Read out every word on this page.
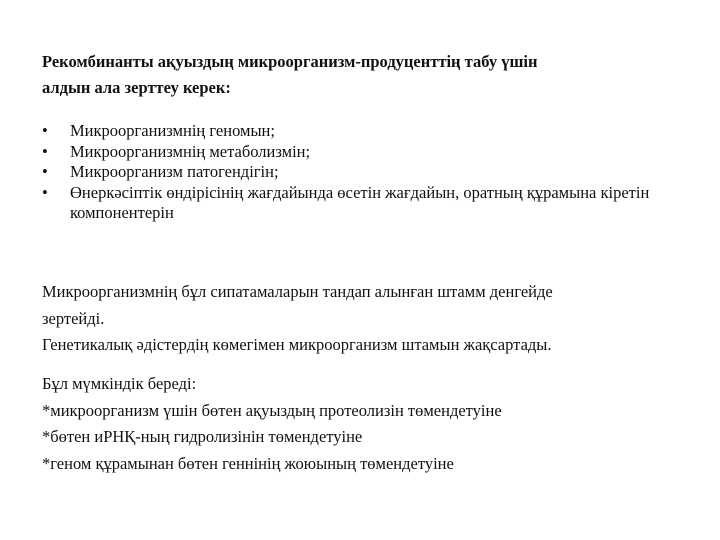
Рекомбинанты ақуыздың микроорганизм-продуценттің табу үшін
алдын ала зерттеу керек:
• Микроорганизмнің геномын;
• Микроорганизмнің метаболизмін;
• Микроорганизм патогендігін;
• Өнеркәсіптік өндірісінің жағдайында өсетін жағдайын, оратның құрамына кіретін компонентерін
Микроорганизмнің бұл сипатамаларын тандап алынған штамм денгейде
зертейді.
Генетикалық әдістердің көмегімен микроорганизм штамын жақсартады.
Бұл мүмкіндік береді:
*микроорганизм үшін бөтен ақуыздың протеолизін төмендетуіне
*бөтен иРНҚ-ның гидролизінін төмендетуіне
*геном құрамынан бөтен геннінің жоюының төмендетуіне
